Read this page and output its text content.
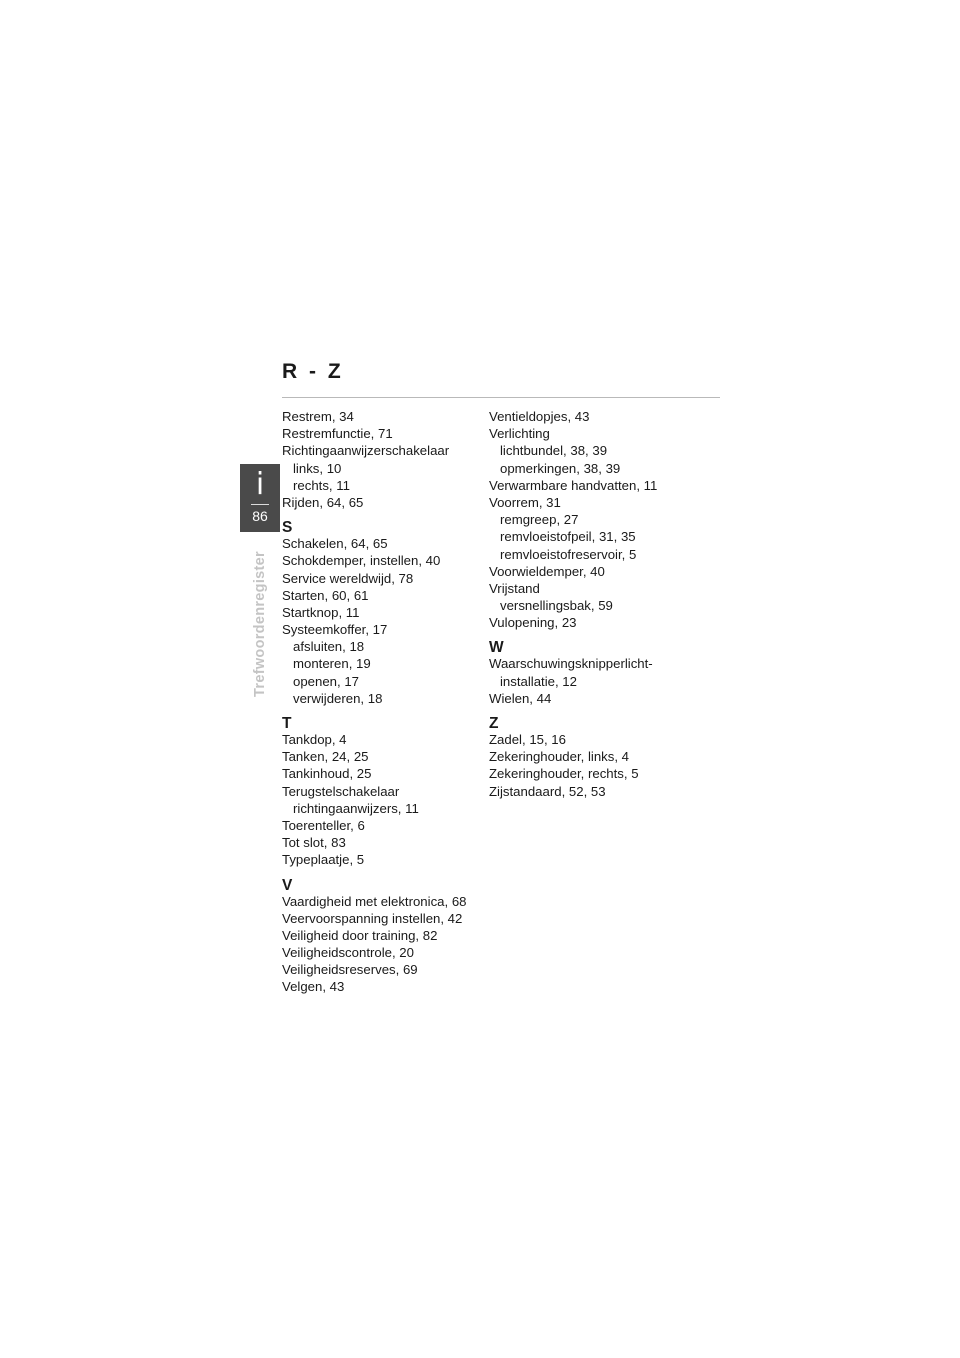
R - Z
i
86
Trefwoordenregister
Restrem, 34
Restremfunctie, 71
Richtingaanwijzerschakelaar
links, 10
rechts, 11
Rijden, 64, 65
S
Schakelen, 64, 65
Schokdemper, instellen, 40
Service wereldwijd, 78
Starten, 60, 61
Startknop, 11
Systeemkoffer, 17
afsluiten, 18
monteren, 19
openen, 17
verwijderen, 18
T
Tankdop, 4
Tanken, 24, 25
Tankinhoud, 25
Terugstelschakelaar
richtingaanwijzers, 11
Toerenteller, 6
Tot slot, 83
Typeplaatje, 5
V
Vaardigheid met elektronica, 68
Veervoorspanning instellen, 42
Veiligheid door training, 82
Veiligheidscontrole, 20
Veiligheidsreserves, 69
Velgen, 43
Ventieldopjes, 43
Verlichting
lichtbundel, 38, 39
opmerkingen, 38, 39
Verwarmbare handvatten, 11
Voorrem, 31
remgreep, 27
remvloeistofpeil, 31, 35
remvloeistofreservoir, 5
Voorwieldemper, 40
Vrijstand
versnellingsbak, 59
Vulopening, 23
W
Waarschuwingsknipperlicht-
installatie, 12
Wielen, 44
Z
Zadel, 15, 16
Zekeringhouder, links, 4
Zekeringhouder, rechts, 5
Zijstandaard, 52, 53
